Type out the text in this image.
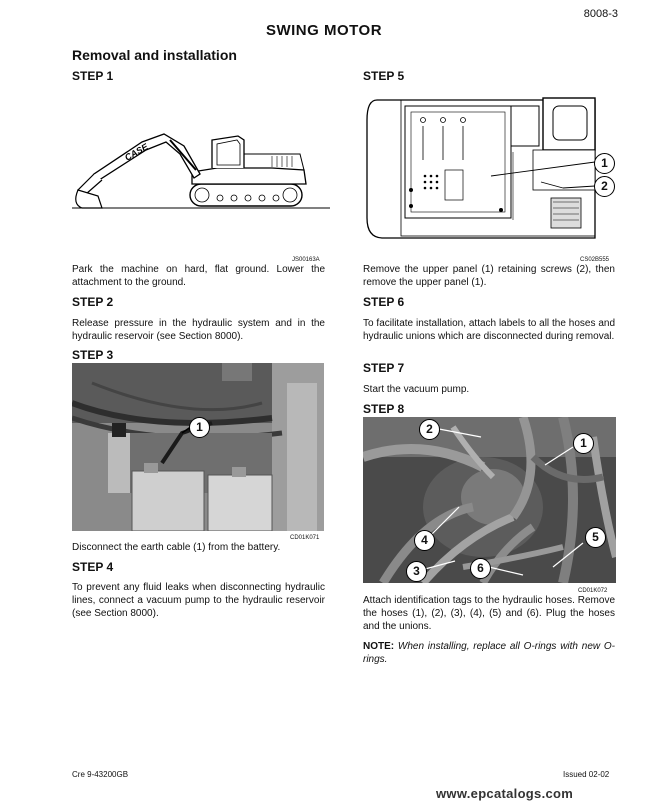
8008-3
SWING MOTOR
Removal and installation
STEP 1
CASE
JS00163A
Park the machine on hard, flat ground. Lower the attachment to the ground.
STEP 2
Release pressure in the hydraulic system and in the hydraulic reservoir (see Section 8000).
STEP 3
1
CD01K071
Disconnect the earth cable (1) from the battery.
STEP 4
To prevent any fluid leaks when disconnecting hydraulic lines, connect a vacuum pump to the hydraulic reservoir (see Section 8000).
STEP 5
1
2
CS02B555
Remove the upper panel (1) retaining screws (2), then remove the upper panel (1).
STEP 6
To facilitate installation, attach labels to all the hoses and hydraulic unions which are disconnected during removal.
STEP 7
Start the vacuum pump.
STEP 8
2
1
4	5
3	6
CD01K072
Attach identification tags to the hydraulic hoses. Remove the hoses (1), (2), (3), (4), (5) and (6). Plug the hoses and the unions.
NOTE: When installing, replace all O-rings with new O-rings.
Cre 9-43200GB	Issued 02-02
www.epcatalogs.com
